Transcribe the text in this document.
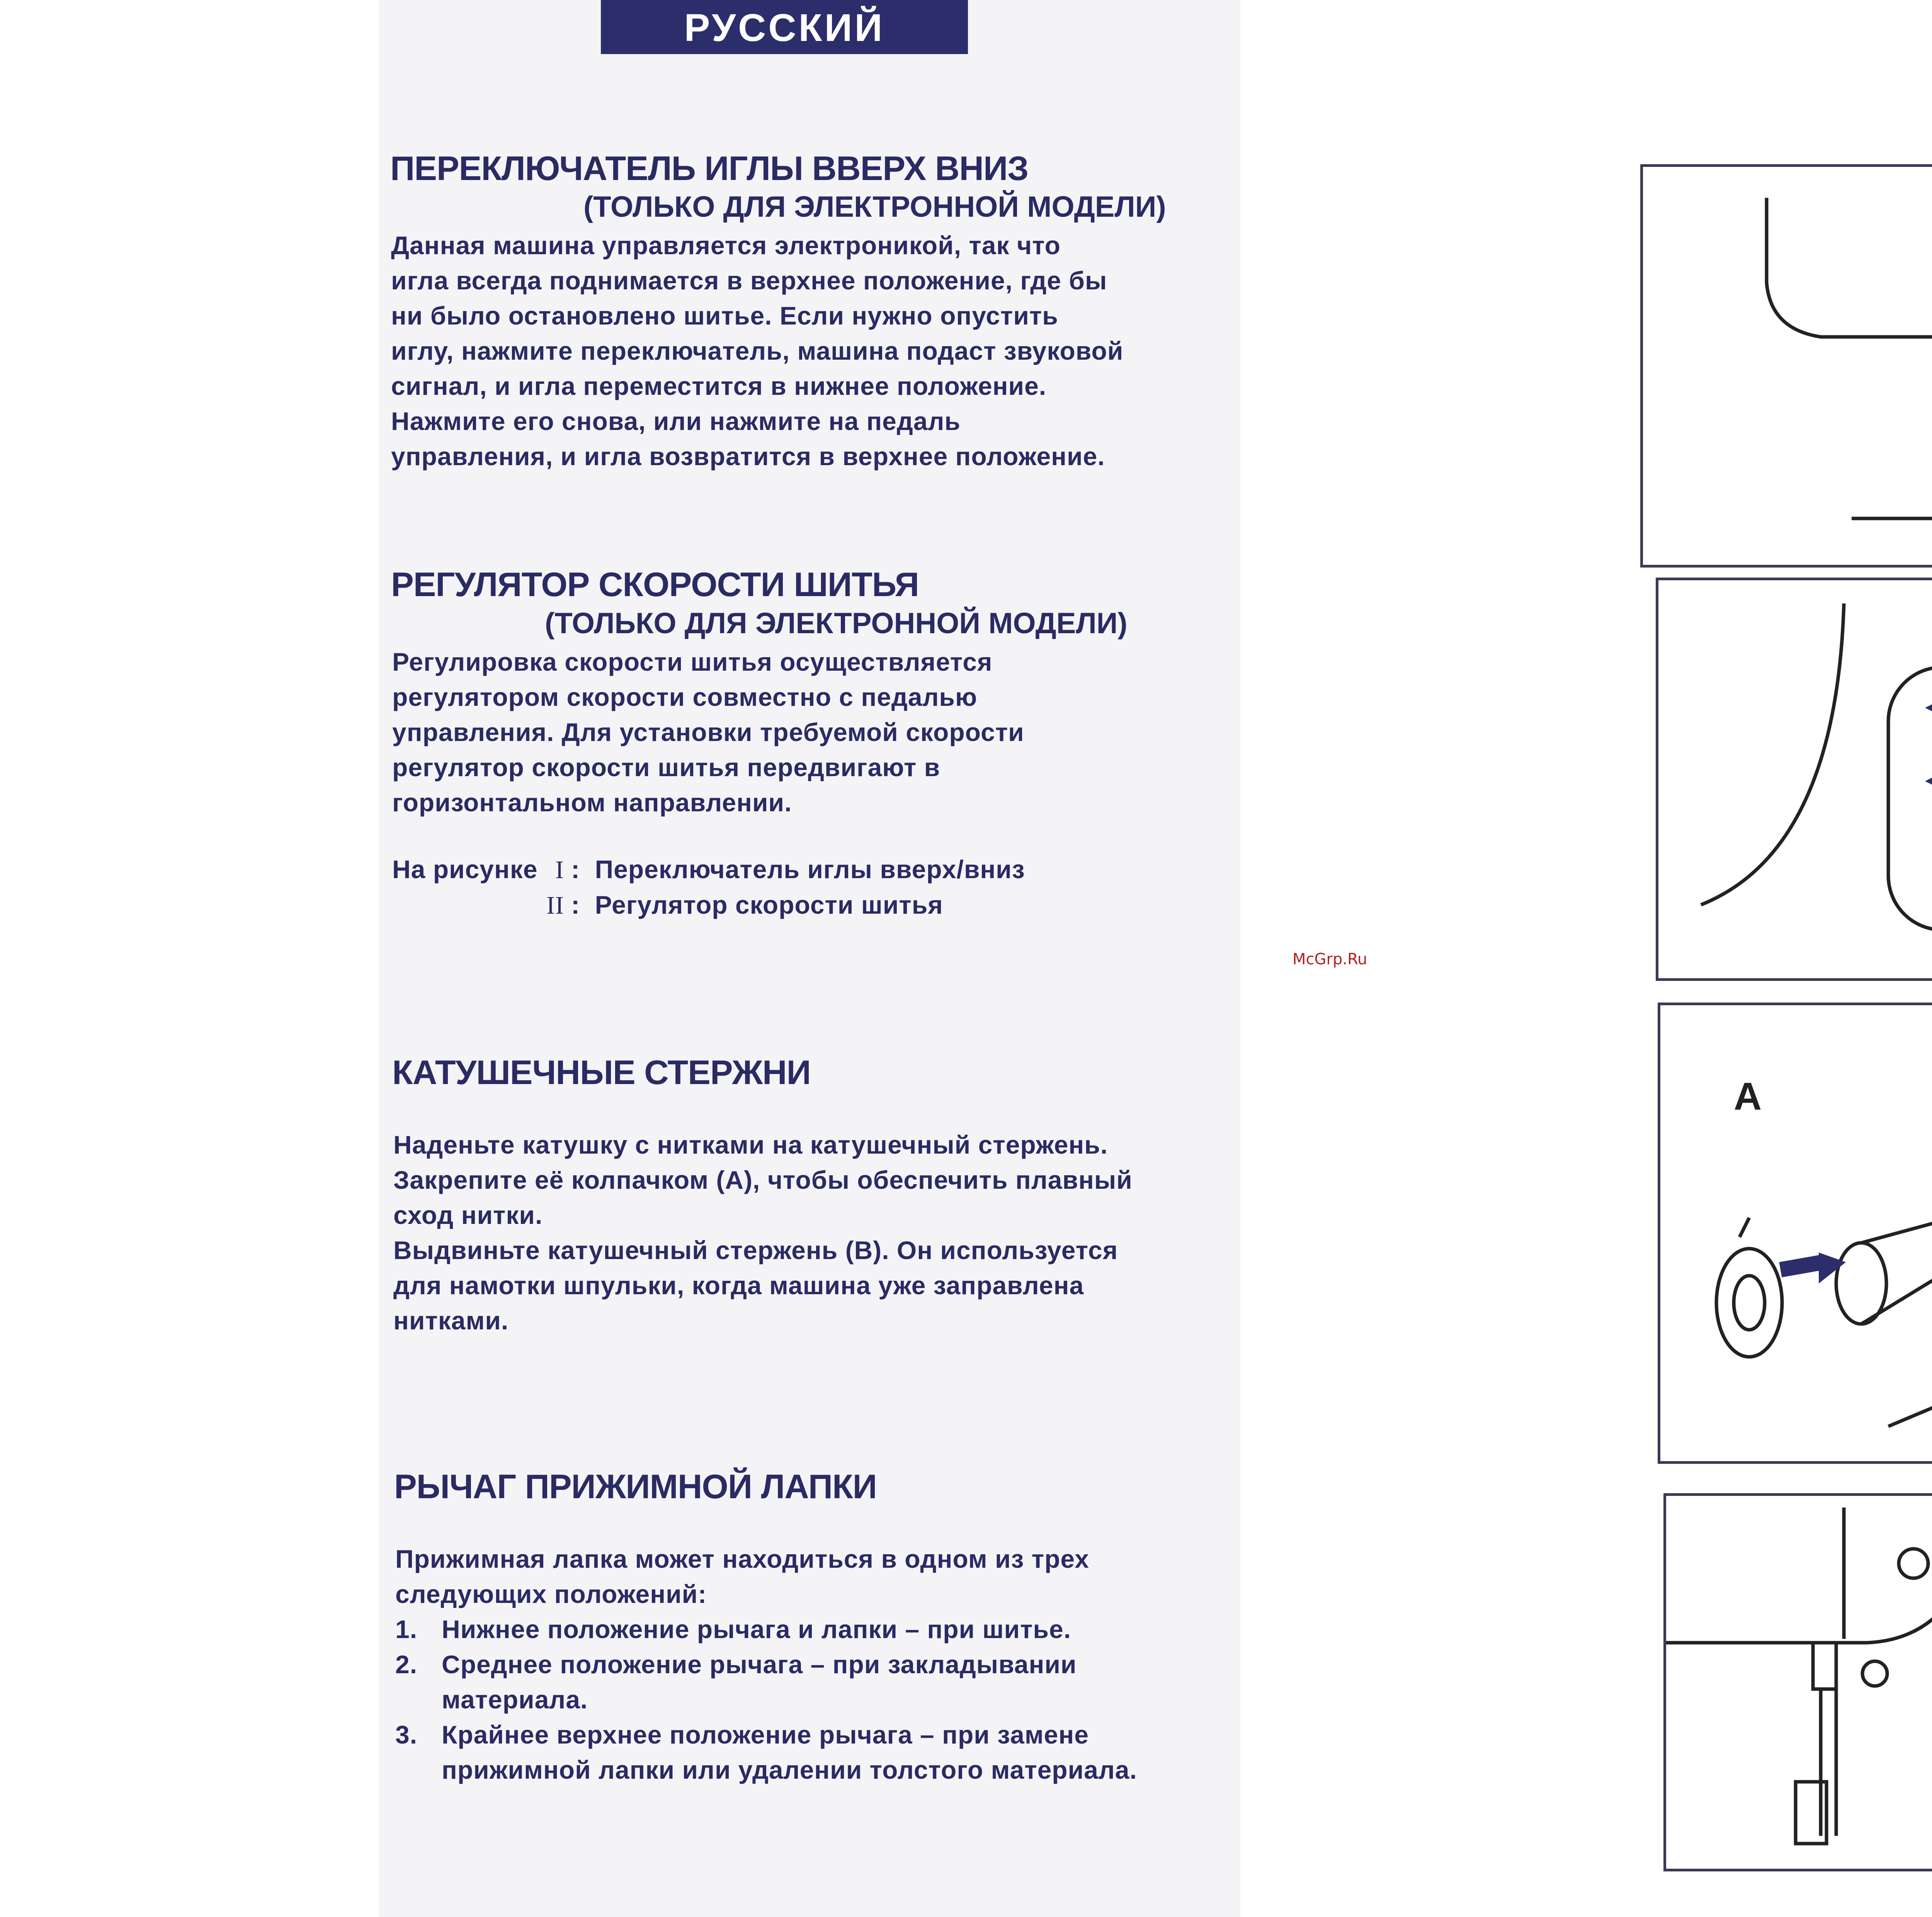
РУССКИЙ
ПЕРЕКЛЮЧАТЕЛЬ ИГЛЫ ВВЕРХ ВНИЗ
(ТОЛЬКО ДЛЯ ЭЛЕКТРОННОЙ МОДЕЛИ)
Данная машина управляется электроникой, так что
игла всегда поднимается в верхнее положение, где бы
ни было остановлено шитье. Если нужно опустить
иглу, нажмите переключатель, машина подаст звуковой
сигнал, и игла переместится в нижнее положение.
Нажмите его снова, или нажмите на педаль
управления, и игла возвратится в верхнее положение.
РЕГУЛЯТОР СКОРОСТИ ШИТЬЯ
(ТОЛЬКО ДЛЯ ЭЛЕКТРОННОЙ МОДЕЛИ)
Регулировка скорости шитья осуществляется
регулятором скорости совместно с педалью
управления. Для установки требуемой скорости
регулятор скорости шитья передвигают в
горизонтальном направлении.
На рисунке I :  Переключатель иглы вверх/вниз
II :  Регулятор скорости шитья
КАТУШЕЧНЫЕ СТЕРЖНИ
Наденьте катушку с нитками на катушечный стержень.
Закрепите её колпачком (А), чтобы обеспечить плавный
сход нитки.
Выдвиньте катушечный стержень (В). Он используется
для намотки шпульки, когда машина уже заправлена
нитками.
РЫЧАГ ПРИЖИМНОЙ ЛАПКИ
Прижимная лапка может находиться в одном из трех
следующих положений:
1. Нижнее положение рычага и лапки – при шитье.
2. Среднее положение рычага – при закладывании
материала.
3. Крайнее верхнее положение рычага – при замене
прижимной лапки или удалении толстого материала.
McGrp.Ru
A
